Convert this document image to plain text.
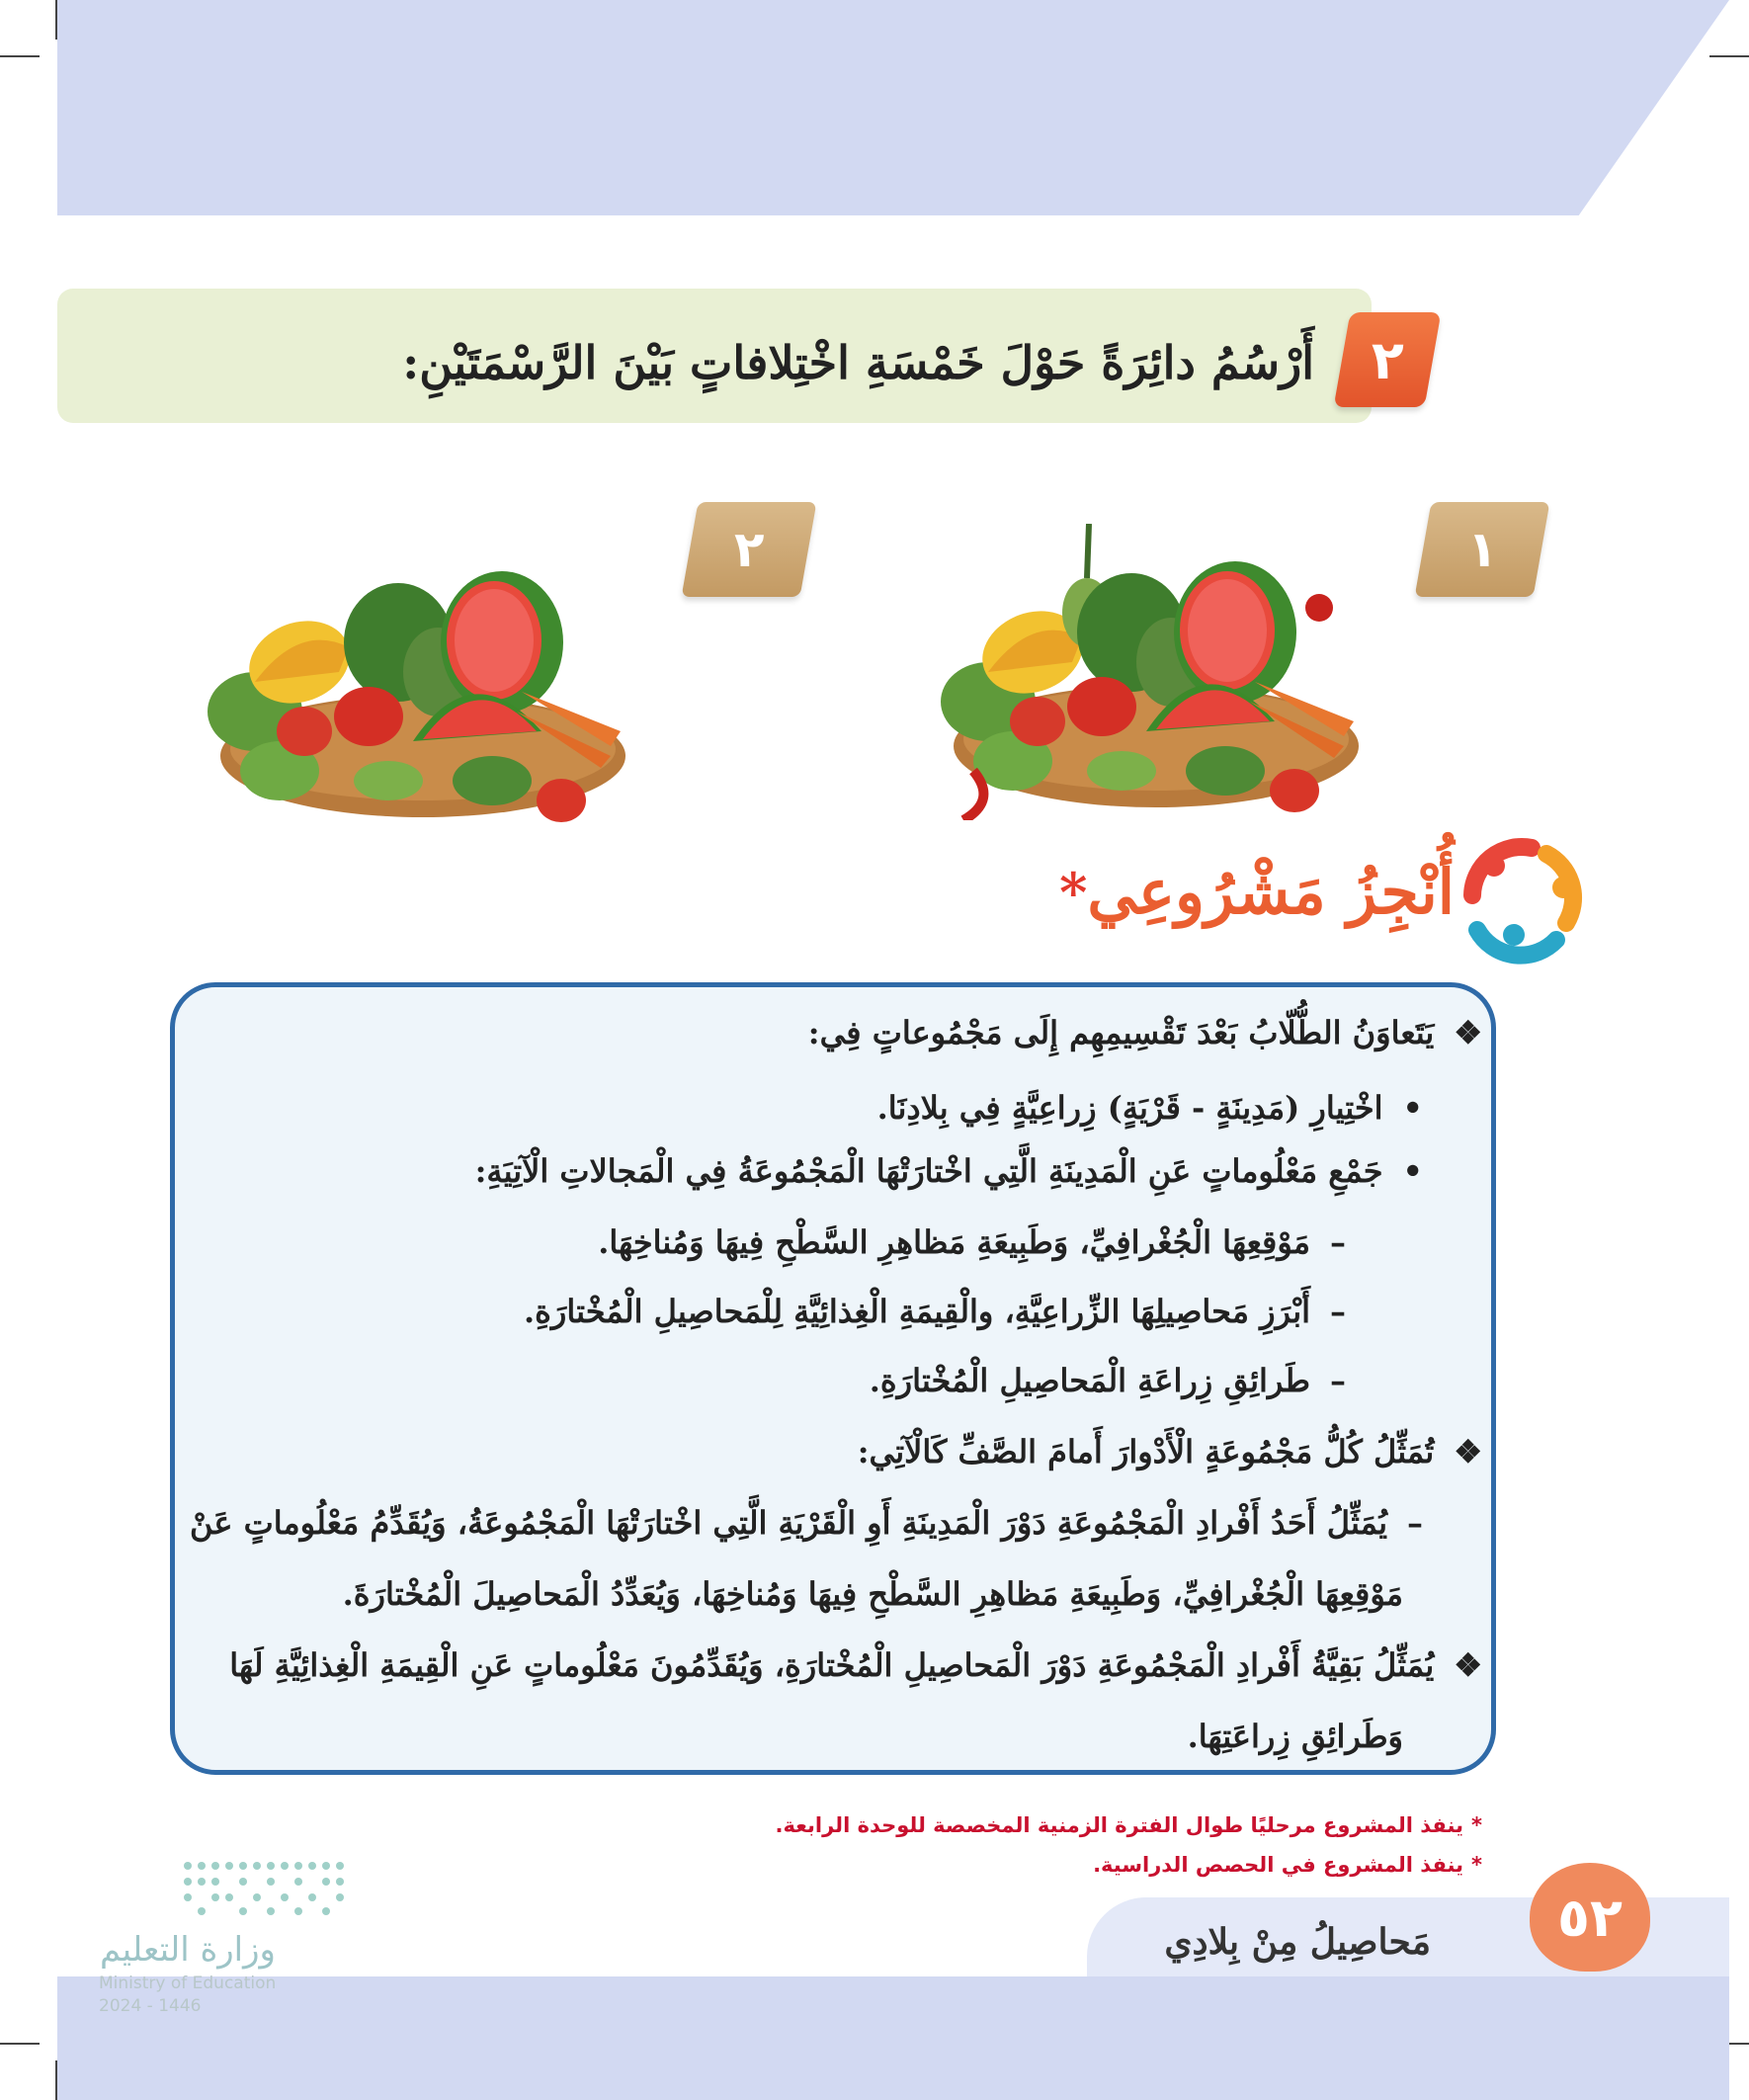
٢
أَرْسُمُ دائِرَةً حَوْلَ خَمْسَةِ اخْتِلافاتٍ بَيْنَ الرَّسْمَتَيْنِ:
١
٢
أُنْجِزُ مَشْرُوعِي*
❖يَتَعاوَنُ الطُّلّابُ بَعْدَ تَقْسِيمِهِم إِلَى مَجْمُوعاتٍ فِي:
•اخْتِيارِ (مَدِينَةٍ - قَرْيَةٍ) زِراعِيَّةٍ فِي بِلادِنَا.
•جَمْعِ مَعْلُوماتٍ عَنِ الْمَدِينَةِ الَّتِي اخْتارَتْهَا الْمَجْمُوعَةُ فِي الْمَجالاتِ الْآتِيَةِ:
–مَوْقِعِهَا الْجُغْرافِيِّ، وَطَبِيعَةِ مَظاهِرِ السَّطْحِ فِيهَا وَمُناخِهَا.
–أَبْرَزِ مَحاصِيلِهَا الزِّراعِيَّةِ، والْقِيمَةِ الْغِذائِيَّةِ لِلْمَحاصِيلِ الْمُخْتارَةِ.
–طَرائِقِ زِراعَةِ الْمَحاصِيلِ الْمُخْتارَةِ.
❖تُمَثِّلُ كُلُّ مَجْمُوعَةٍ الْأَدْوارَ أَمامَ الصَّفِّ كَالْآتِي:
–يُمَثِّلُ أَحَدُ أَفْرادِ الْمَجْمُوعَةِ دَوْرَ الْمَدِينَةِ أَوِ الْقَرْيَةِ الَّتِي اخْتارَتْهَا الْمَجْمُوعَةُ، وَيُقَدِّمُ مَعْلُوماتٍ عَنْ
مَوْقِعِهَا الْجُغْرافِيِّ، وَطَبِيعَةِ مَظاهِرِ السَّطْحِ فِيهَا وَمُناخِهَا، وَيُعَدِّدُ الْمَحاصِيلَ الْمُخْتارَةَ.
❖يُمَثِّلُ بَقِيَّةُ أَفْرادِ الْمَجْمُوعَةِ دَوْرَ الْمَحاصِيلِ الْمُخْتارَةِ، وَيُقَدِّمُونَ مَعْلُوماتٍ عَنِ الْقِيمَةِ الْغِذائِيَّةِ لَهَا
وَطَرائِقِ زِراعَتِهَا.
*ينفذ المشروع مرحليًا طوال الفترة الزمنية المخصصة للوحدة الرابعة.
*ينفذ المشروع في الحصص الدراسية.
٥٢
مَحاصِيلُ مِنْ بِلادِي
وزارة التعليم
Ministry of Education
2024 - 1446
